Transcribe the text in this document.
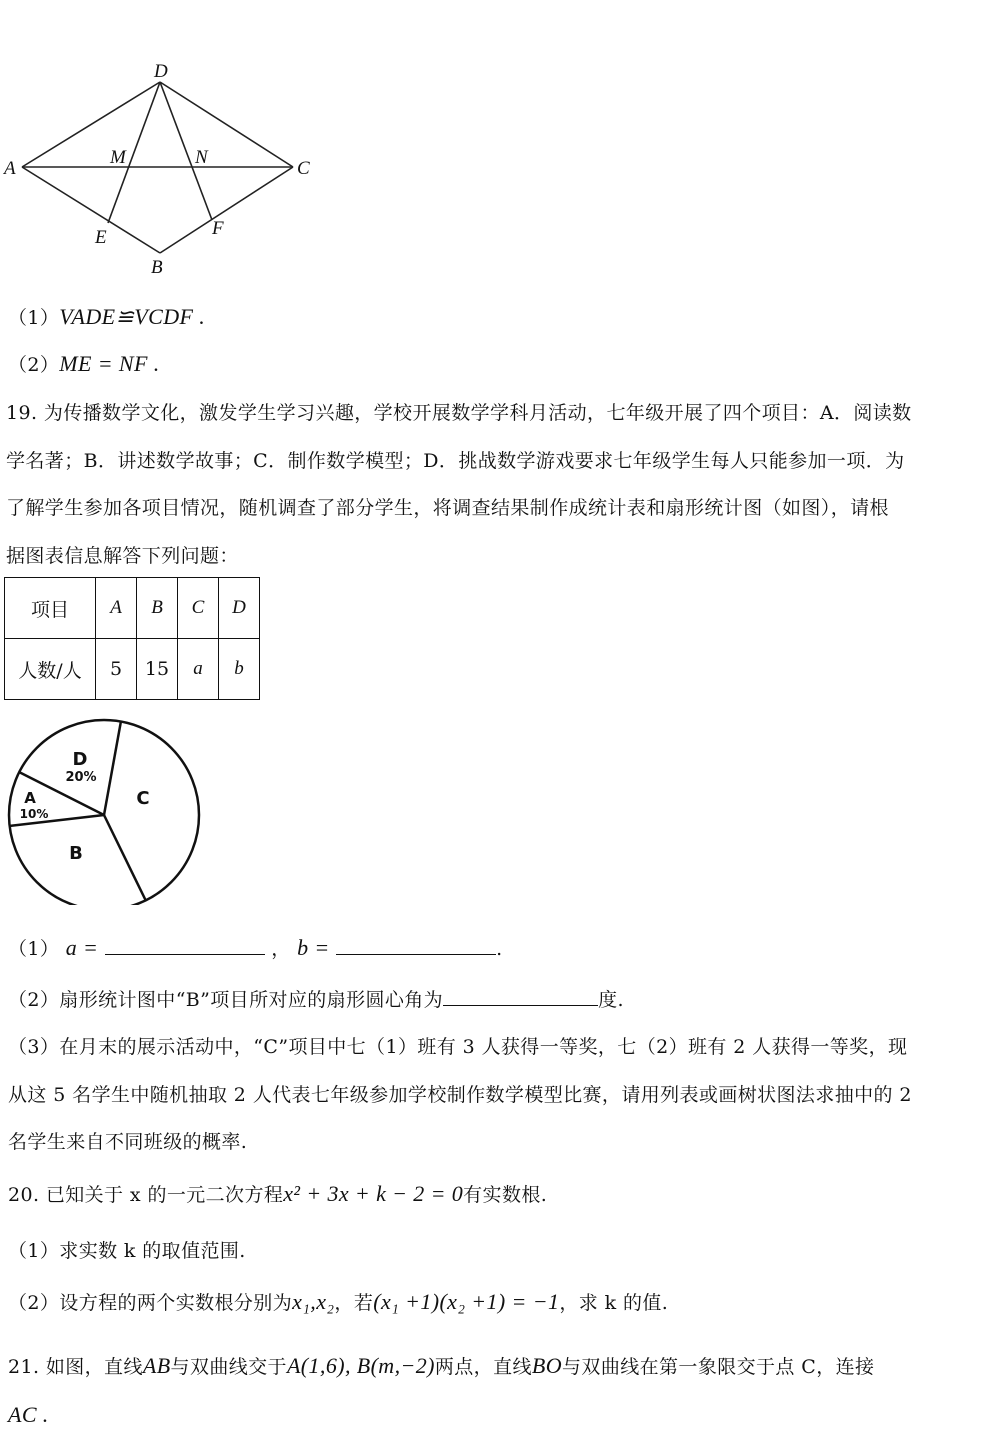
D
A
M	N
C
E	F
B
（1）VADE≌VCDF .
（2）ME = NF .
19. 为传播数学文化，激发学生学习兴趣，学校开展数学学科月活动，七年级开展了四个项目：A．阅读数
学名著；B．讲述数学故事；C．制作数学模型；D．挑战数学游戏要求七年级学生每人只能参加一项．为
了解学生参加各项目情况，随机调查了部分学生，将调查结果制作成统计表和扇形统计图（如图），请根
据图表信息解答下列问题：
项目	A	B	C	D
人数/人	5	15	a	b
D
20%
A
10%
B
C
（1） a =	， b =	.
（2）扇形统计图中“B”项目所对应的扇形圆心角为	度.
（3）在月末的展示活动中，“C”项目中七（1）班有 3 人获得一等奖，七（2）班有 2 人获得一等奖，现
从这 5 名学生中随机抽取 2 人代表七年级参加学校制作数学模型比赛，请用列表或画树状图法求抽中的 2
名学生来自不同班级的概率.
20. 已知关于 x 的一元二次方程x² + 3x + k − 2 = 0有实数根.
（1）求实数 k 的取值范围.
（2）设方程的两个实数根分别为x₁,x₂，若(x₁ +1)(x₂ +1) = −1，求 k 的值.
21. 如图，直线AB与双曲线交于A(1,6), B(m,−2)两点，直线BO与双曲线在第一象限交于点 C，连接
AC .
